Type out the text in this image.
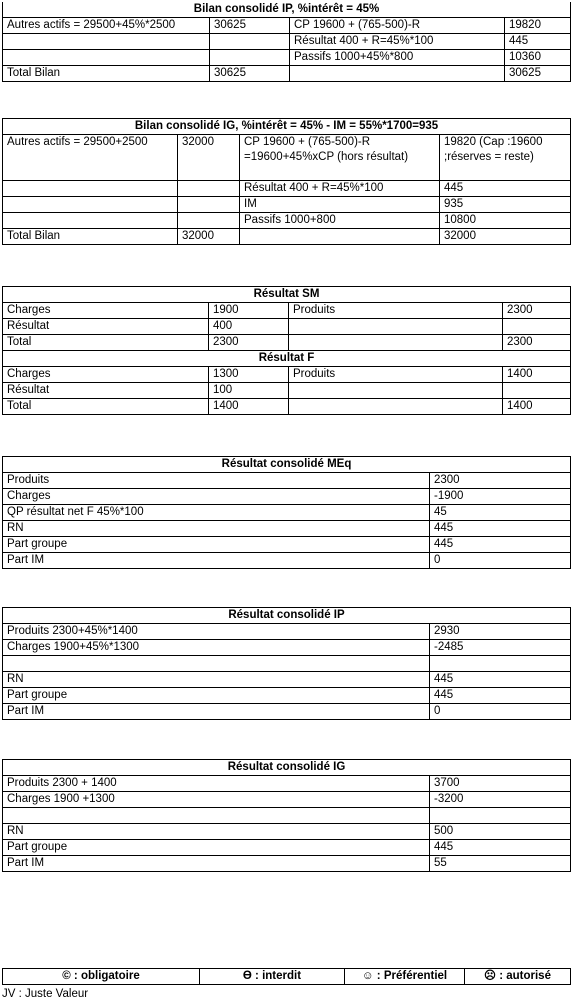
Bilan consolidé IP, %intérêt = 45%			
Autres actifs = 29500+45%*2500	30625	CP 19600 + (765-500)-R	19820
		Résultat 400 + R=45%*100	445
		Passifs 1000+45%*800	10360
Total Bilan	30625		30625
Bilan consolidé IG, %intérêt = 45% - IM = 55%*1700=935			
Autres actifs = 29500+2500	32000	CP 19600 + (765-500)-R =19600+45%xCP (hors résultat)	19820 (Cap :19600 ;réserves = reste)
		Résultat 400 + R=45%*100	445
		IM	935
		Passifs 1000+800	10800
Total Bilan	32000		32000
Résultat SM			
Charges	1900	Produits	2300
Résultat	400		
Total	2300		2300
Résultat F			
Charges	1300	Produits	1400
Résultat	100		
Total	1400		1400
Résultat consolidé MEq	
Produits	2300
Charges	-1900
QP résultat net F 45%*100	45
RN	445
Part groupe	445
Part IM	0
Résultat consolidé IP	
Produits 2300+45%*1400	2930
Charges 1900+45%*1300	-2485

RN	445
Part groupe	445
Part IM	0
Résultat consolidé IG	
Produits 2300 + 1400	3700
Charges 1900 +1300	-3200

RN	500
Part groupe	445
Part IM	55
© : obligatoire	ϴ : interdit	☺ : Préférentiel	☹ : autorisé
JV : Juste Valeur
